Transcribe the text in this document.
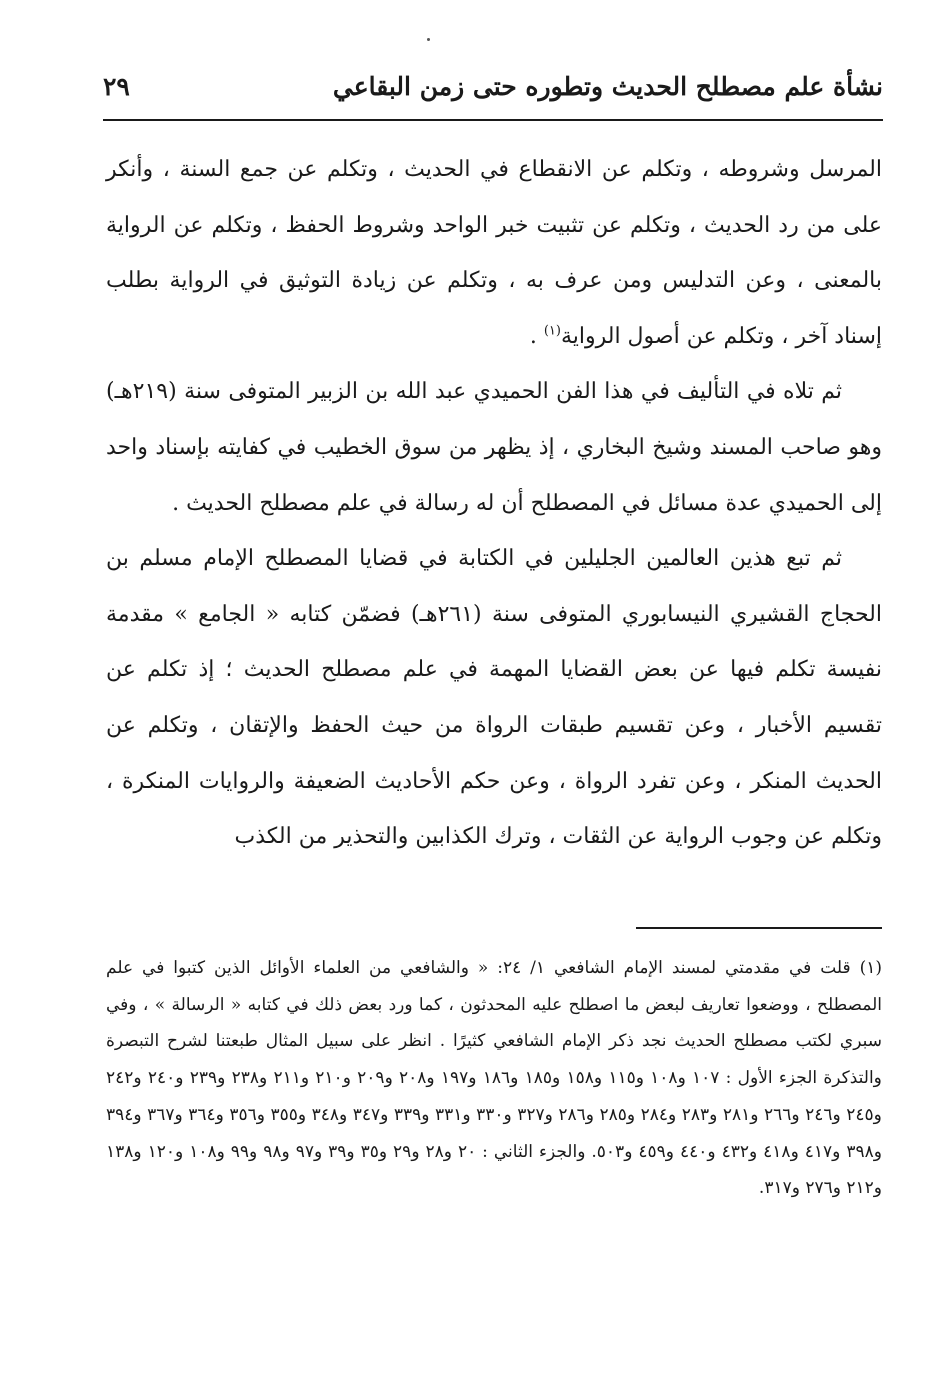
نشأة علم مصطلح الحديث وتطوره حتى زمن البقاعي
٢٩

المرسل وشروطه ، وتكلم عن الانقطاع في الحديث ، وتكلم عن جمع السنة ، وأنكر على من رد الحديث ، وتكلم عن تثبيت خبر الواحد وشروط الحفظ ، وتكلم عن الرواية بالمعنى ، وعن التدليس ومن عرف به ، وتكلم عن زيادة التوثيق في الرواية بطلب إسناد آخر ، وتكلم عن أصول الرواية$^{(١)}$ .

ثم تلاه في التأليف في هذا الفن الحميدي عبد الله بن الزبير المتوفى سنة (٢١٩هـ) وهو صاحب المسند وشيخ البخاري ، إذ يظهر من سوق الخطيب في كفايته بإسناد واحد إلى الحميدي عدة مسائل في المصطلح أن له رسالة في علم مصطلح الحديث .

ثم تبع هذين العالمين الجليلين في الكتابة في قضايا المصطلح الإمام مسلم بن الحجاج القشيري النيسابوري المتوفى سنة (٢٦١هـ) فضمّن كتابه « الجامع » مقدمة نفيسة تكلم فيها عن بعض القضايا المهمة في علم مصطلح الحديث ؛ إذ تكلم عن تقسيم الأخبار ، وعن تقسيم طبقات الرواة من حيث الحفظ والإتقان ، وتكلم عن الحديث المنكر ، وعن تفرد الرواة ، وعن حكم الأحاديث الضعيفة والروايات المنكرة ، وتكلم عن وجوب الرواية عن الثقات ، وترك الكذابين والتحذير من الكذب

(١) قلت في مقدمتي لمسند الإمام الشافعي ١/ ٢٤: « والشافعي من العلماء الأوائل الذين كتبوا في علم المصطلح ، ووضعوا تعاريف لبعض ما اصطلح عليه المحدثون ، كما ورد بعض ذلك في كتابه « الرسالة » ، وفي سبري لكتب مصطلح الحديث نجد ذكر الإمام الشافعي كثيرًا . انظر على سبيل المثال طبعتنا لشرح التبصرة والتذكرة الجزء الأول : ١٠٧ و١٠٨ و١١٥ و١٥٨ و١٨٥ و١٨٦ و١٩٧ و٢٠٨ و٢٠٩ و٢١٠ و٢١١ و٢٣٨ و٢٣٩ و٢٤٠ و٢٤٢ و٢٤٥ و٢٤٦ و٢٦٦ و٢٨١ و٢٨٣ و٢٨٤ و٢٨٥ و٢٨٦ و٣٢٧ و٣٣٠ و٣٣١ و٣٣٩ و٣٤٧ و٣٤٨ و٣٥٥ و٣٥٦ و٣٦٤ و٣٦٧ و٣٩٤ و٣٩٨ و٤١٧ و٤١٨ و٤٣٢ و٤٤٠ و٤٥٩ و٥٠٣. والجزء الثاني : ٢٠ و٢٨ و٢٩ و٣٥ و٣٩ و٩٧ و٩٨ و٩٩ و١٠٨ و١٢٠ و١٣٨ و٢١٢ و٢٧٦ و٣١٧.
